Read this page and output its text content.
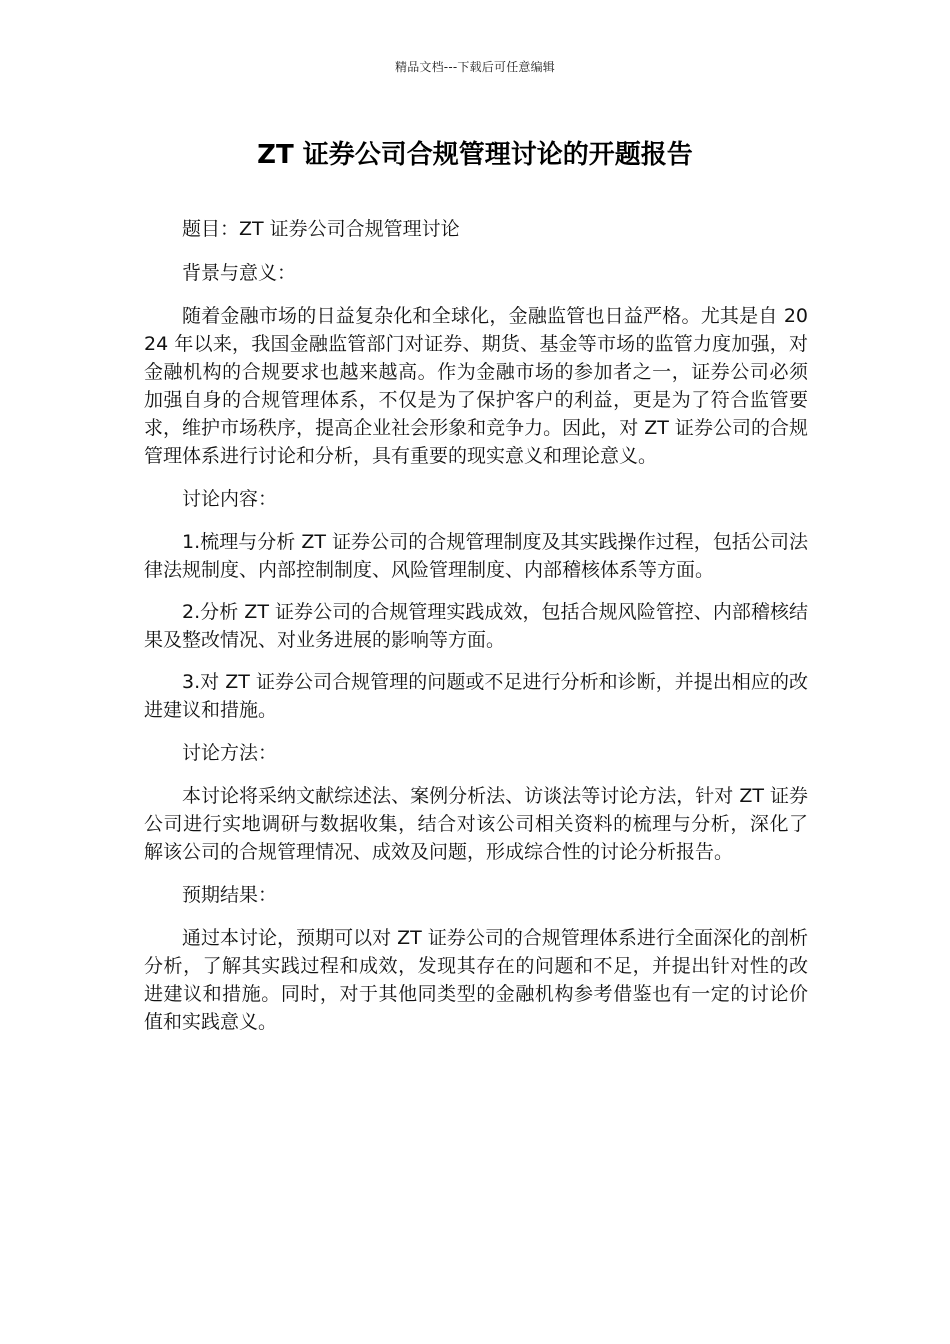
精品文档---下载后可任意编辑
ZT 证券公司合规管理讨论的开题报告

题目：ZT 证券公司合规管理讨论

背景与意义：

随着金融市场的日益复杂化和全球化，金融监管也日益严格。尤其是自 2024 年以来，我国金融监管部门对证券、期货、基金等市场的监管力度加强，对金融机构的合规要求也越来越高。作为金融市场的参加者之一，证券公司必须加强自身的合规管理体系，不仅是为了保护客户的利益，更是为了符合监管要求，维护市场秩序，提高企业社会形象和竞争力。因此，对 ZT 证券公司的合规管理体系进行讨论和分析，具有重要的现实意义和理论意义。

讨论内容：

1.梳理与分析 ZT 证券公司的合规管理制度及其实践操作过程，包括公司法律法规制度、内部控制制度、风险管理制度、内部稽核体系等方面。

2.分析 ZT 证券公司的合规管理实践成效，包括合规风险管控、内部稽核结果及整改情况、对业务进展的影响等方面。

3.对 ZT 证券公司合规管理的问题或不足进行分析和诊断，并提出相应的改进建议和措施。

讨论方法：

本讨论将采纳文献综述法、案例分析法、访谈法等讨论方法，针对 ZT 证券公司进行实地调研与数据收集，结合对该公司相关资料的梳理与分析，深化了解该公司的合规管理情况、成效及问题，形成综合性的讨论分析报告。

预期结果：

通过本讨论，预期可以对 ZT 证券公司的合规管理体系进行全面深化的剖析分析，了解其实践过程和成效，发现其存在的问题和不足，并提出针对性的改进建议和措施。同时，对于其他同类型的金融机构参考借鉴也有一定的讨论价值和实践意义。
